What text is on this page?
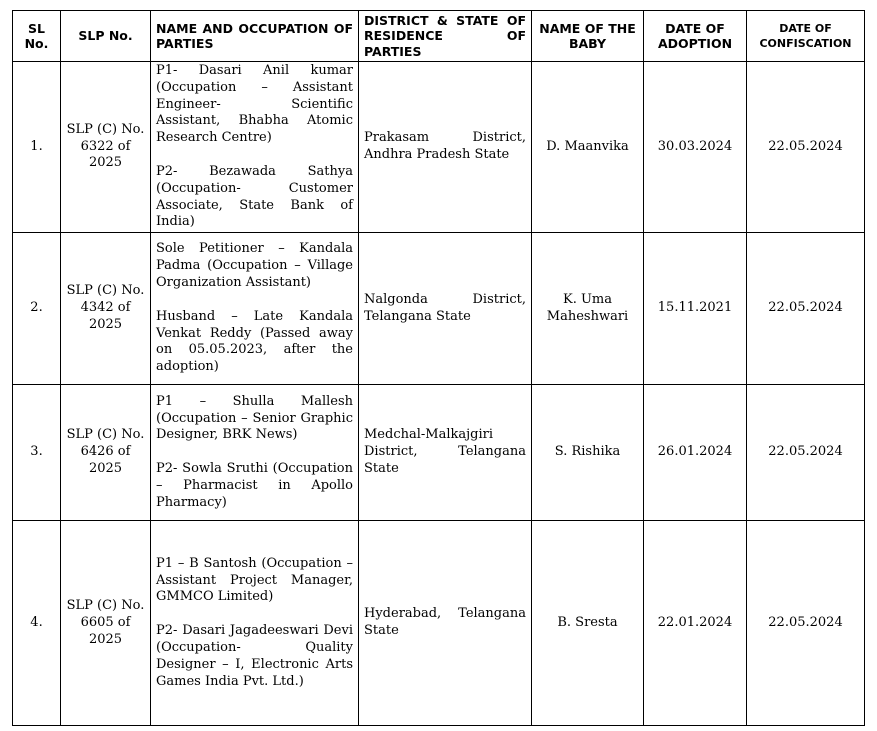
SL No.	SLP No.	NAME AND OCCUPATION OF PARTIES	DISTRICT & STATE OF RESIDENCE OF PARTIES	NAME OF THE BABY	DATE OF ADOPTION	DATE OF CONFISCATION
1.	SLP (C) No. 6322 of 2025	P1- Dasari Anil kumar (Occupation – Assistant Engineer- Scientific Assistant, Bhabha Atomic Research Centre)

P2- Bezawada Sathya (Occupation- Customer Associate, State Bank of India)	Prakasam District, Andhra Pradesh State	D. Maanvika	30.03.2024	22.05.2024
2.	SLP (C) No. 4342 of 2025	Sole Petitioner – Kandala Padma (Occupation – Village Organization Assistant)

Husband – Late Kandala Venkat Reddy (Passed away on 05.05.2023, after the adoption)	Nalgonda District, Telangana State	K. Uma Maheshwari	15.11.2021	22.05.2024
3.	SLP (C) No. 6426 of 2025	P1 – Shulla Mallesh (Occupation – Senior Graphic Designer, BRK News)

P2- Sowla Sruthi (Occupation – Pharmacist in Apollo Pharmacy)	Medchal-Malkajgiri District, Telangana State	S. Rishika	26.01.2024	22.05.2024
4.	SLP (C) No. 6605 of 2025	P1 – B Santosh (Occupation – Assistant Project Manager, GMMCO Limited)

P2- Dasari Jagadeeswari Devi (Occupation- Quality Designer – I, Electronic Arts Games India Pvt. Ltd.)	Hyderabad, Telangana State	B. Sresta	22.01.2024	22.05.2024
